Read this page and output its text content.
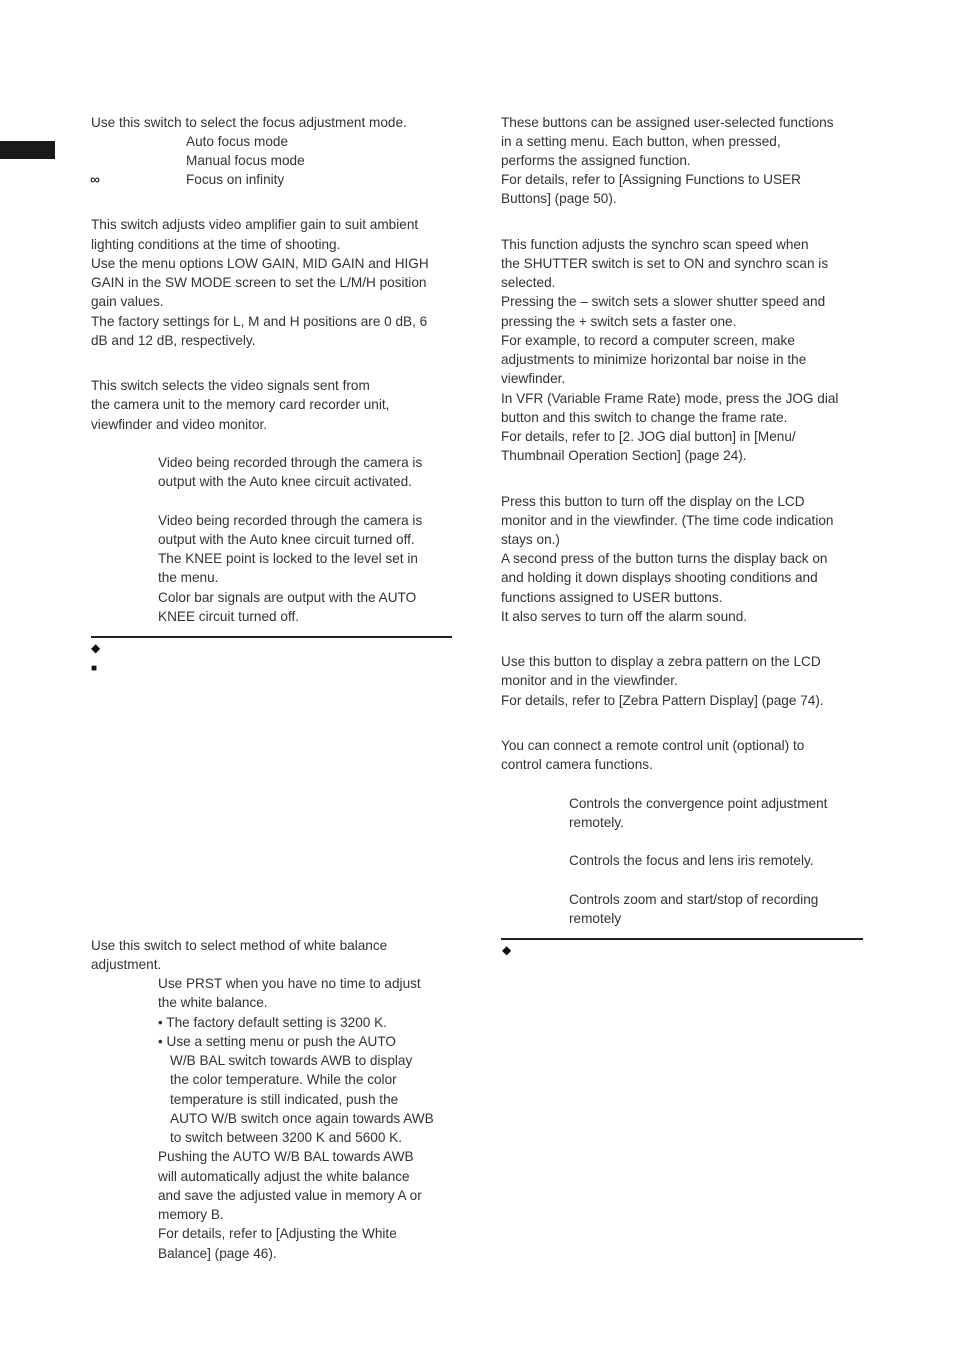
Use this switch to select the focus adjustment mode.
Auto focus mode
Manual focus mode
∞	Focus on infinity
This switch adjusts video amplifier gain to suit ambient
lighting conditions at the time of shooting.
Use the menu options LOW GAIN, MID GAIN and HIGH
GAIN in the SW MODE screen to set the L/M/H position
gain values.
The factory settings for L, M and H positions are 0 dB, 6
dB and 12 dB, respectively.
This switch selects the video signals sent from
the camera unit to the memory card recorder unit,
viewfinder and video monitor.
Video being recorded through the camera is
output with the Auto knee circuit activated.
Video being recorded through the camera is
output with the Auto knee circuit turned off.
The KNEE point is locked to the level set in
the menu.
Color bar signals are output with the AUTO
KNEE circuit turned off.
◆
■
Use this switch to select method of white balance
adjustment.
Use PRST when you have no time to adjust
the white balance.
• The factory default setting is 3200 K.
• Use a setting menu or push the AUTO
W/B BAL switch towards AWB to display
the color temperature. While the color
temperature is still indicated, push the
AUTO W/B switch once again towards AWB
to switch between 3200 K and 5600 K.
Pushing the AUTO W/B BAL towards AWB
will automatically adjust the white balance
and save the adjusted value in memory A or
memory B.
For details, refer to [Adjusting the White
Balance] (page 46).
These buttons can be assigned user-selected functions
in a setting menu. Each button, when pressed,
performs the assigned function.
For details, refer to [Assigning Functions to USER
Buttons] (page 50).
This function adjusts the synchro scan speed when
the SHUTTER switch is set to ON and synchro scan is
selected.
Pressing the – switch sets a slower shutter speed and
pressing the + switch sets a faster one.
For example, to record a computer screen, make
adjustments to minimize horizontal bar noise in the
viewfinder.
In VFR (Variable Frame Rate) mode, press the JOG dial
button and this switch to change the frame rate.
For details, refer to [2. JOG dial button] in [Menu/
Thumbnail Operation Section] (page 24).
Press this button to turn off the display on the LCD
monitor and in the viewfinder. (The time code indication
stays on.)
A second press of the button turns the display back on
and holding it down displays shooting conditions and
functions assigned to USER buttons.
It also serves to turn off the alarm sound.
Use this button to display a zebra pattern on the LCD
monitor and in the viewfinder.
For details, refer to [Zebra Pattern Display] (page 74).
You can connect a remote control unit (optional) to
control camera functions.
Controls the convergence point adjustment
remotely.
Controls the focus and lens iris remotely.
Controls zoom and start/stop of recording
remotely
◆
